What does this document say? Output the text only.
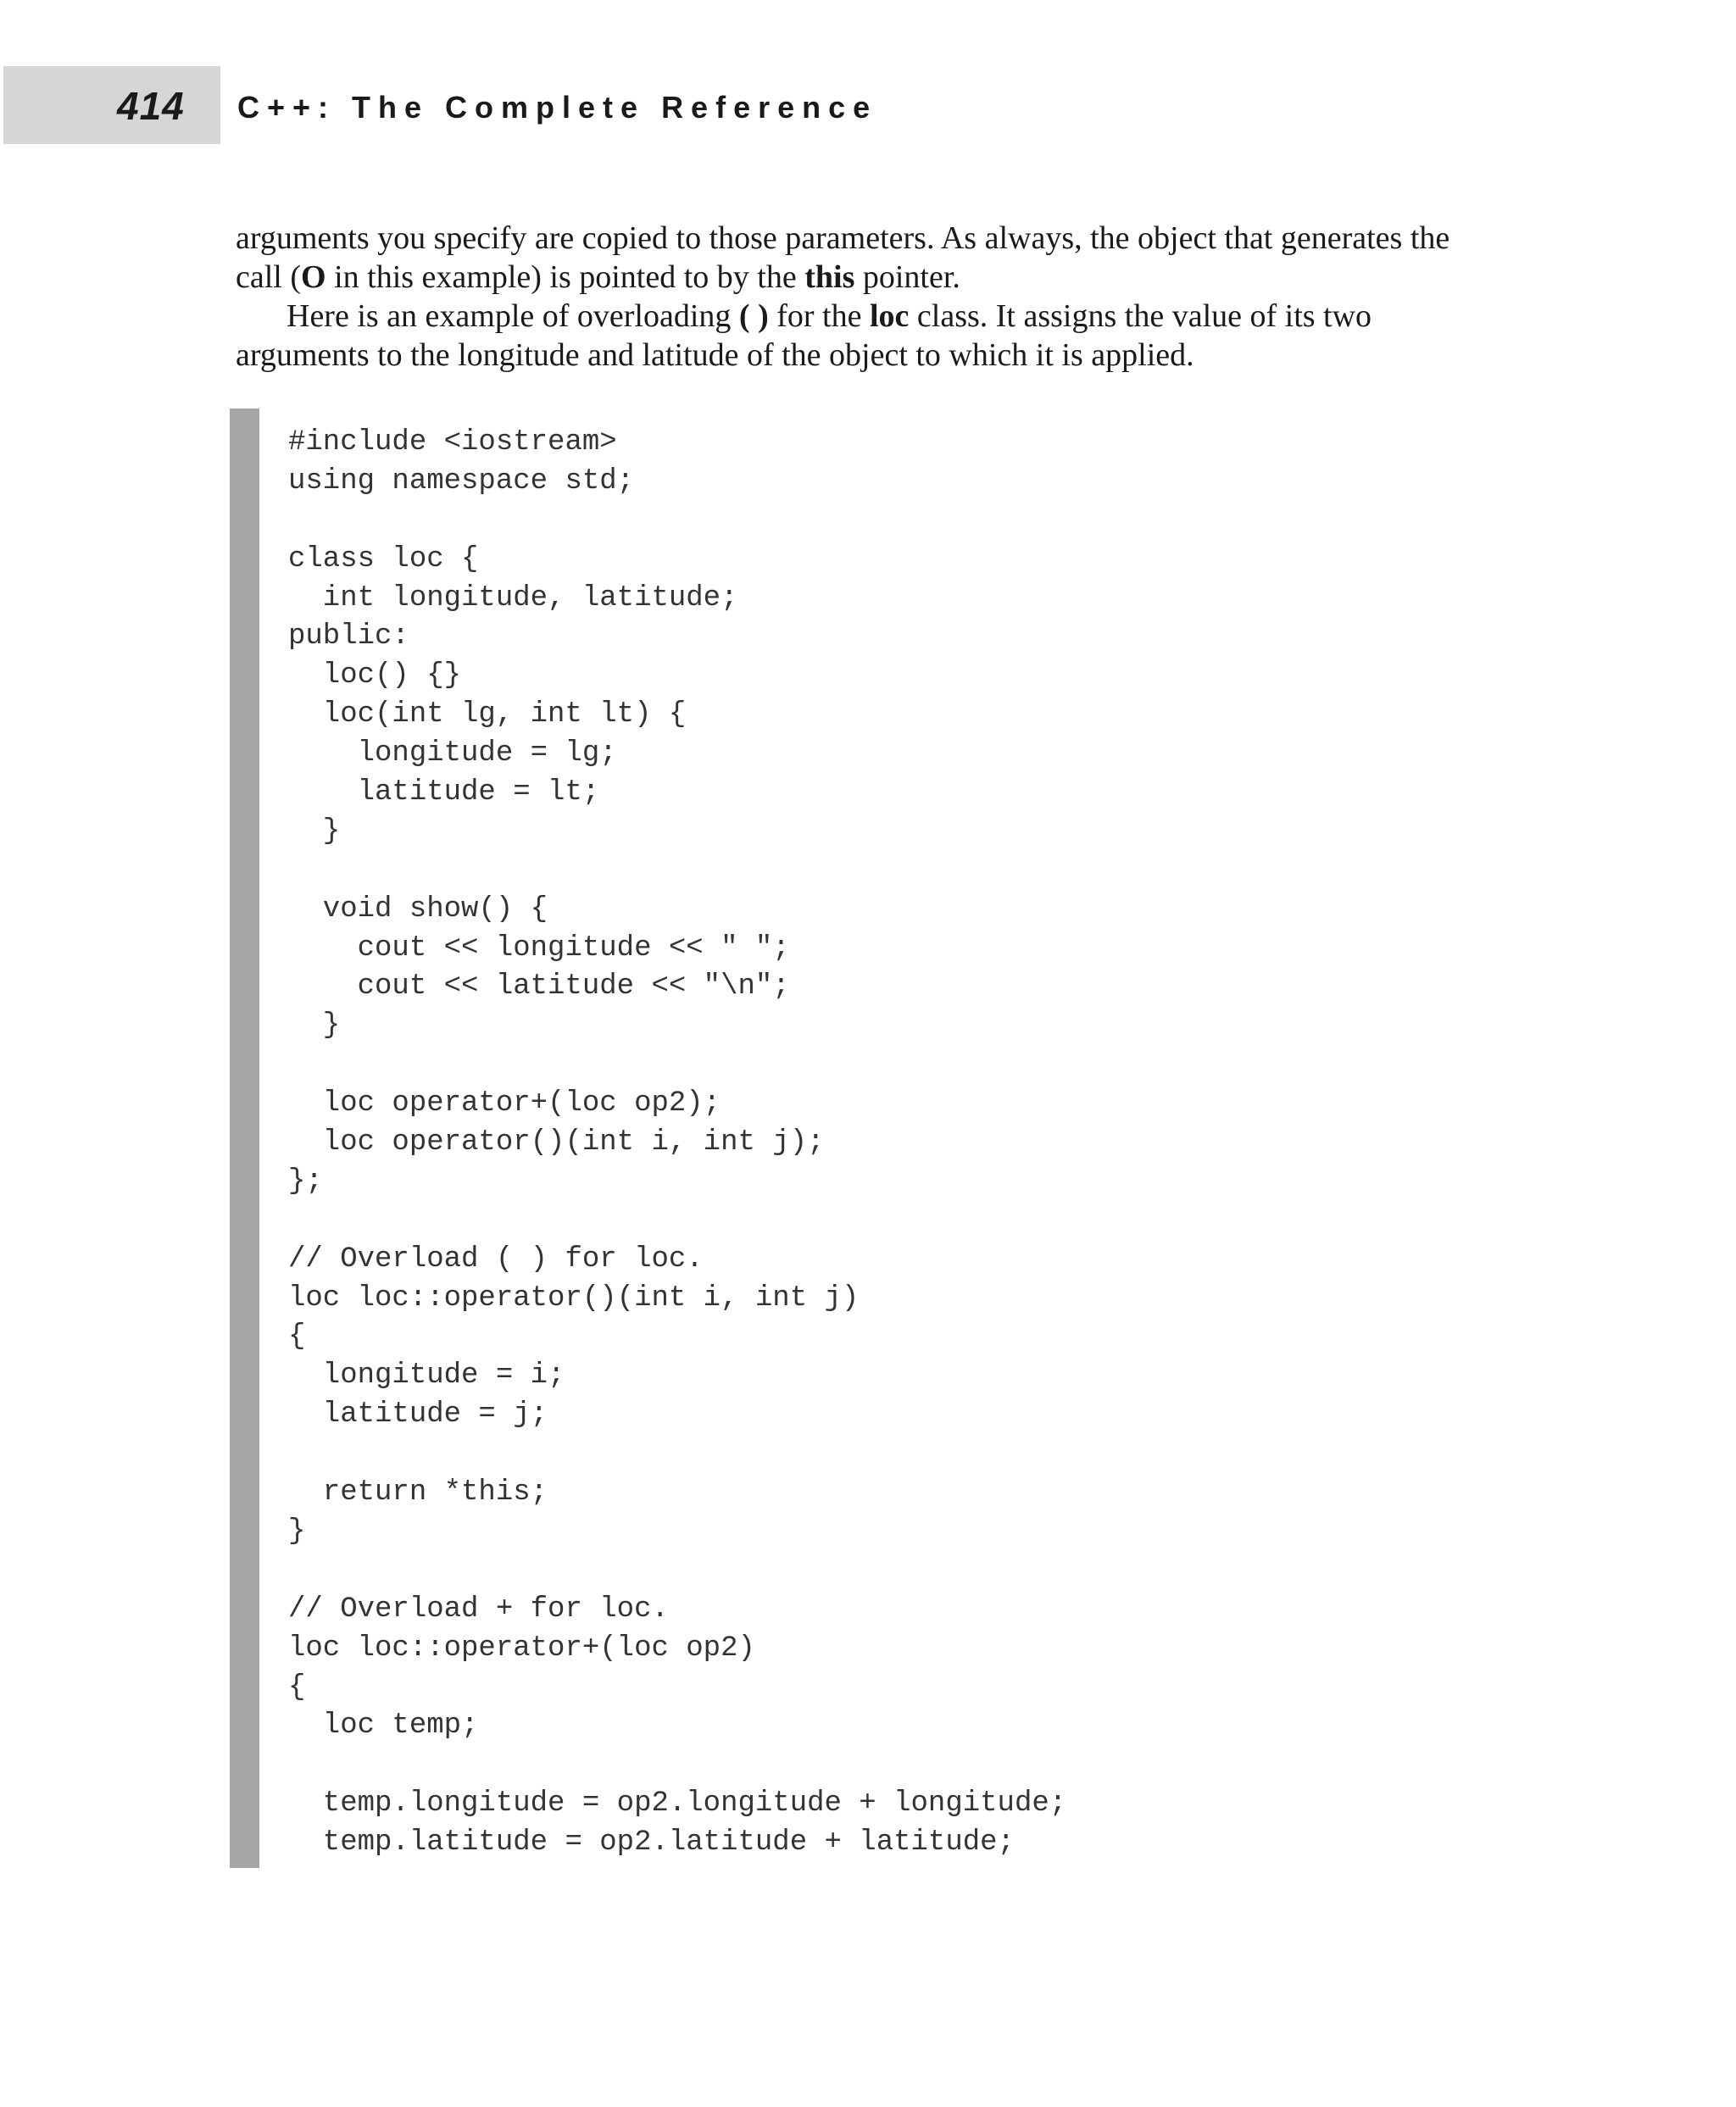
414 C++: The Complete Reference

arguments you specify are copied to those parameters. As always, the object that generates the call (O in this example) is pointed to by the this pointer.

Here is an example of overloading ( ) for the loc class. It assigns the value of its two arguments to the longitude and latitude of the object to which it is applied.

#include <iostream>
using namespace std;
class loc {
int longitude, latitude;
public:
loc() {}
loc(int lg, int lt) {
longitude = lg;
latitude = lt;
}
void show() {
cout << longitude << " ";
cout << latitude << "\n";
}
loc operator+(loc op2);
loc operator()(int i, int j);
};
// Overload ( ) for loc.
loc loc::operator()(int i, int j)
{
longitude = i;
latitude = j;
return *this;
}
// Overload + for loc.
loc loc::operator+(loc op2)
{
loc temp;
temp.longitude = op2.longitude + longitude;
temp.latitude = op2.latitude + latitude;
